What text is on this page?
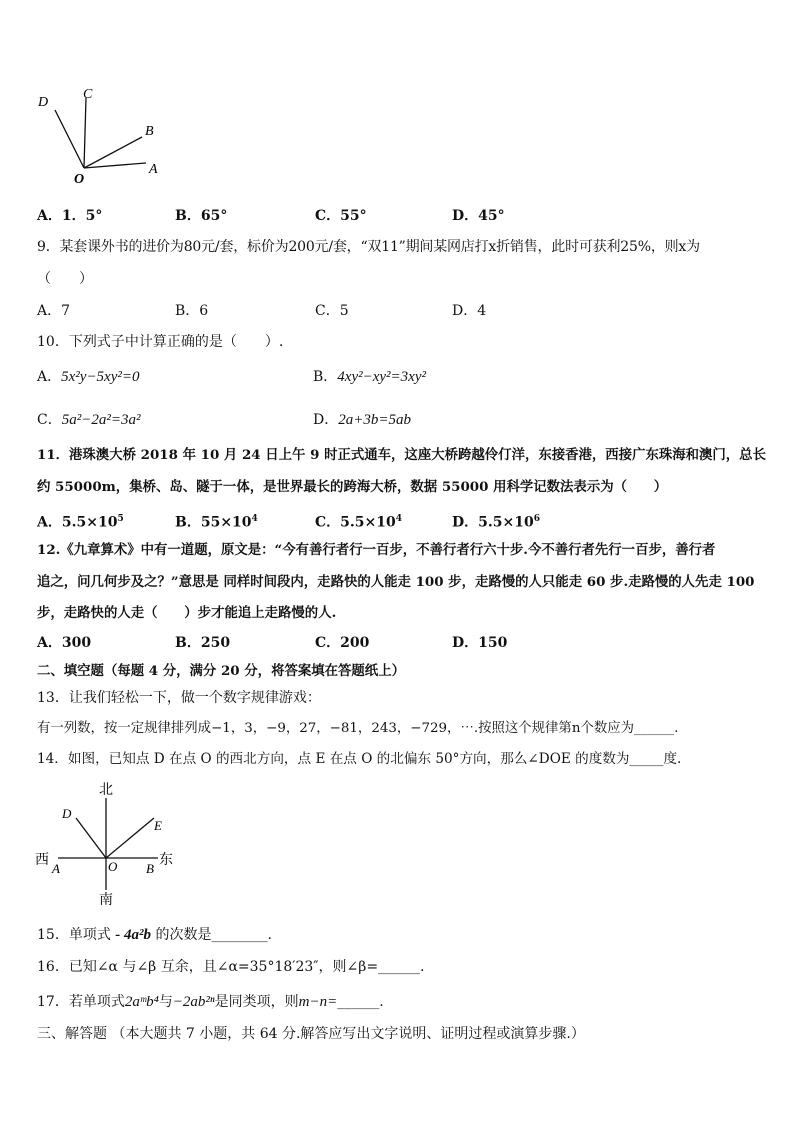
D
C
B
A
O
A．1．5°	B．65°	C．55°	D．45°
9．某套课外书的进价为80元/套，标价为200元/套，“双11”期间某网店打x折销售，此时可获利25%，则x为
（　　）
A．7	B．6	C．5	D．4
10．下列式子中计算正确的是（　　）.
A．5x²y−5xy²=0	B．4xy²−xy²=3xy²
C．5a²−2a²=3a²	D．2a+3b=5ab
11．港珠澳大桥 2018 年 10 月 24 日上午 9 时正式通车，这座大桥跨越伶仃洋，东接香港，西接广东珠海和澳门，总长
约 55000m，集桥、岛、隧于一体，是世界最长的跨海大桥，数据 55000 用科学记数法表示为（　　）
A．$5.5\times 10^5$	B．$55\times 10^4$	C．$5.5\times 10^4$	D．$5.5\times 10^6$
12.《九章算术》中有一道题，原文是：“今有善行者行一百步，不善行者行六十步.今不善行者先行一百步，善行者
追之，问几何步及之？”意思是 同样时间段内，走路快的人能走 100 步，走路慢的人只能走 60 步.走路慢的人先走 100
步，走路快的人走（　　）步才能追上走路慢的人.
A．300	B．250	C．200	D．150
二、填空题（每题 4 分，满分 20 分，将答案填在答题纸上）
13．让我们轻松一下，做一个数字规律游戏：
有一列数，按一定规律排列成−1，3，−9，27，−81，243，−729，⋯.按照这个规律第n个数应为______.
14．如图，已知点 D 在点 O 的西北方向，点 E 在点 O 的北偏东 50°方向，那么∠DOE 的度数为_____度.
北
南
西	东
D
E
A	O B
15．单项式 - 4a²b 的次数是________.
16．已知∠α 与∠β 互余，且∠α=35°18′23″，则∠β=______.
17．若单项式2aᵐb⁴与−2ab²ⁿ是同类项，则m−n=______.
三、解答题 （本大题共 7 小题，共 64 分.解答应写出文字说明、证明过程或演算步骤.）
